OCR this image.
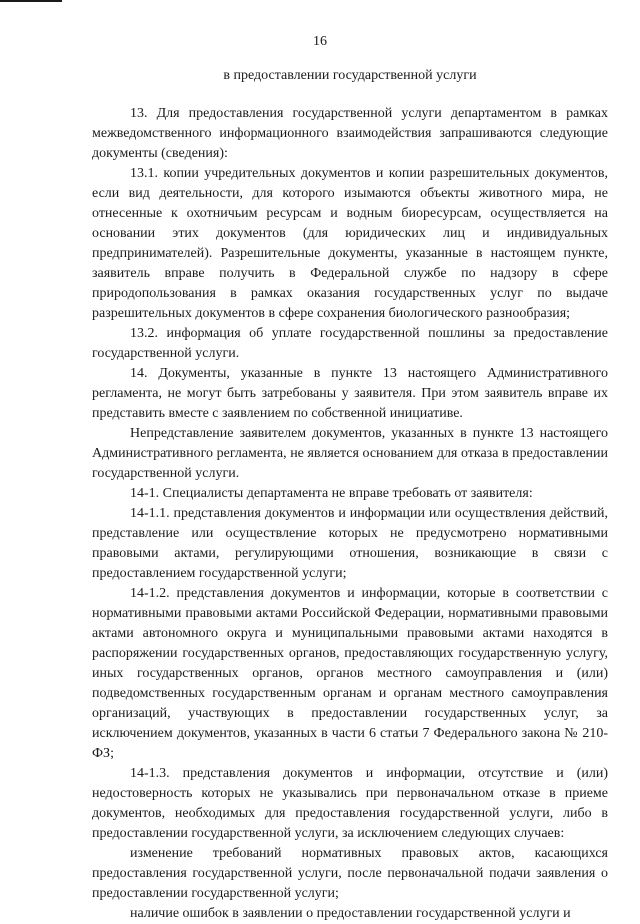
16

в предоставлении государственной услуги

13. Для предоставления государственной услуги департаментом в рамках межведомственного информационного взаимодействия запрашиваются следующие документы (сведения):

13.1. копии учредительных документов и копии разрешительных документов, если вид деятельности, для которого изымаются объекты животного мира, не отнесенные к охотничьим ресурсам и водным биоресурсам, осуществляется на основании этих документов (для юридических лиц и индивидуальных предпринимателей). Разрешительные документы, указанные в настоящем пункте, заявитель вправе получить в Федеральной службе по надзору в сфере природопользования в рамках оказания государственных услуг по выдаче разрешительных документов в сфере сохранения биологического разнообразия;

13.2. информация об уплате государственной пошлины за предоставление государственной услуги.

14. Документы, указанные в пункте 13 настоящего Административного регламента, не могут быть затребованы у заявителя. При этом заявитель вправе их представить вместе с заявлением по собственной инициативе.

Непредставление заявителем документов, указанных в пункте 13 настоящего Административного регламента, не является основанием для отказа в предоставлении государственной услуги.

14-1. Специалисты департамента не вправе требовать от заявителя:

14-1.1. представления документов и информации или осуществления действий, представление или осуществление которых не предусмотрено нормативными правовыми актами, регулирующими отношения, возникающие в связи с предоставлением государственной услуги;

14-1.2. представления документов и информации, которые в соответствии с нормативными правовыми актами Российской Федерации, нормативными правовыми актами автономного округа и муниципальными правовыми актами находятся в распоряжении государственных органов, предоставляющих государственную услугу, иных государственных органов, органов местного самоуправления и (или) подведомственных государственным органам и органам местного самоуправления организаций, участвующих в предоставлении государственных услуг, за исключением документов, указанных в части 6 статьи 7 Федерального закона № 210-ФЗ;

14-1.3. представления документов и информации, отсутствие и (или) недостоверность которых не указывались при первоначальном отказе в приеме документов, необходимых для предоставления государственной услуги, либо в предоставлении государственной услуги, за исключением следующих случаев:

изменение требований нормативных правовых актов, касающихся предоставления государственной услуги, после первоначальной подачи заявления о предоставлении государственной услуги;

наличие ошибок в заявлении о предоставлении государственной услуги и
